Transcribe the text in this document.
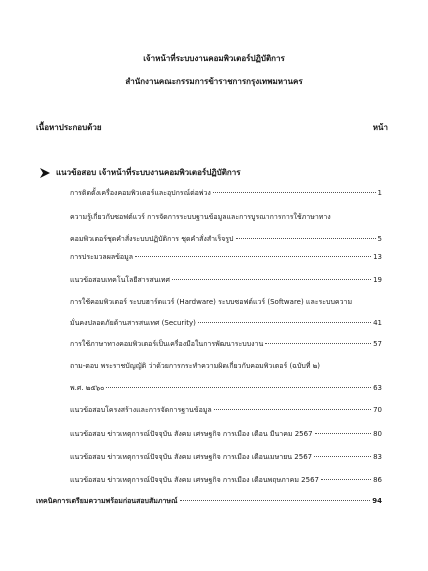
เจ้าหน้าที่ระบบงานคอมพิวเตอร์ปฏิบัติการ
สำนักงานคณะกรรมการข้าราชการกรุงเทพมหานคร
เนื้อหาประกอบด้วย	หน้า
แนวข้อสอบ เจ้าหน้าที่ระบบงานคอมพิวเตอร์ปฏิบัติการ
การติดตั้งเครื่องคอมพิวเตอร์และอุปกรณ์ต่อพ่วง	1
ความรู้เกี่ยวกับซอฟต์แวร์ การจัดการระบบฐานข้อมูลและการบูรณาการการใช้ภาษาทาง
คอมพิวเตอร์ชุดคำสั่งระบบปฏิบัติการ ชุดคำสั่งสำเร็จรูป	5
การประมวลผลข้อมูล	13
แนวข้อสอบเทคโนโลยีสารสนเทศ	19
การใช้คอมพิวเตอร์ ระบบฮาร์ดแวร์ (Hardware) ระบบซอฟต์แวร์ (Software) และระบบความ
มั่นคงปลอดภัยด้านสารสนเทศ (Security)	41
การใช้ภาษาทางคอมพิวเตอร์เป็นเครื่องมือในการพัฒนาระบบงาน	57
ถาม-ตอบ พระราชบัญญัติ ว่าด้วยการกระทำความผิดเกี่ยวกับคอมพิวเตอร์ (ฉบับที่ ๒)
พ.ศ. ๒๕๖๐	63
แนวข้อสอบโครงสร้างและการจัดการฐานข้อมูล	70
แนวข้อสอบ ข่าวเหตุการณ์ปัจจุบัน สังคม เศรษฐกิจ การเมือง เดือน มีนาคม 2567	80
แนวข้อสอบ ข่าวเหตุการณ์ปัจจุบัน สังคม เศรษฐกิจ การเมือง เดือนเมษายน 2567	83
แนวข้อสอบ ข่าวเหตุการณ์ปัจจุบัน สังคม เศรษฐกิจ การเมือง เดือนพฤษภาคม 2567	86
เทคนิคการเตรียมความพร้อมก่อนสอบสัมภาษณ์	94
